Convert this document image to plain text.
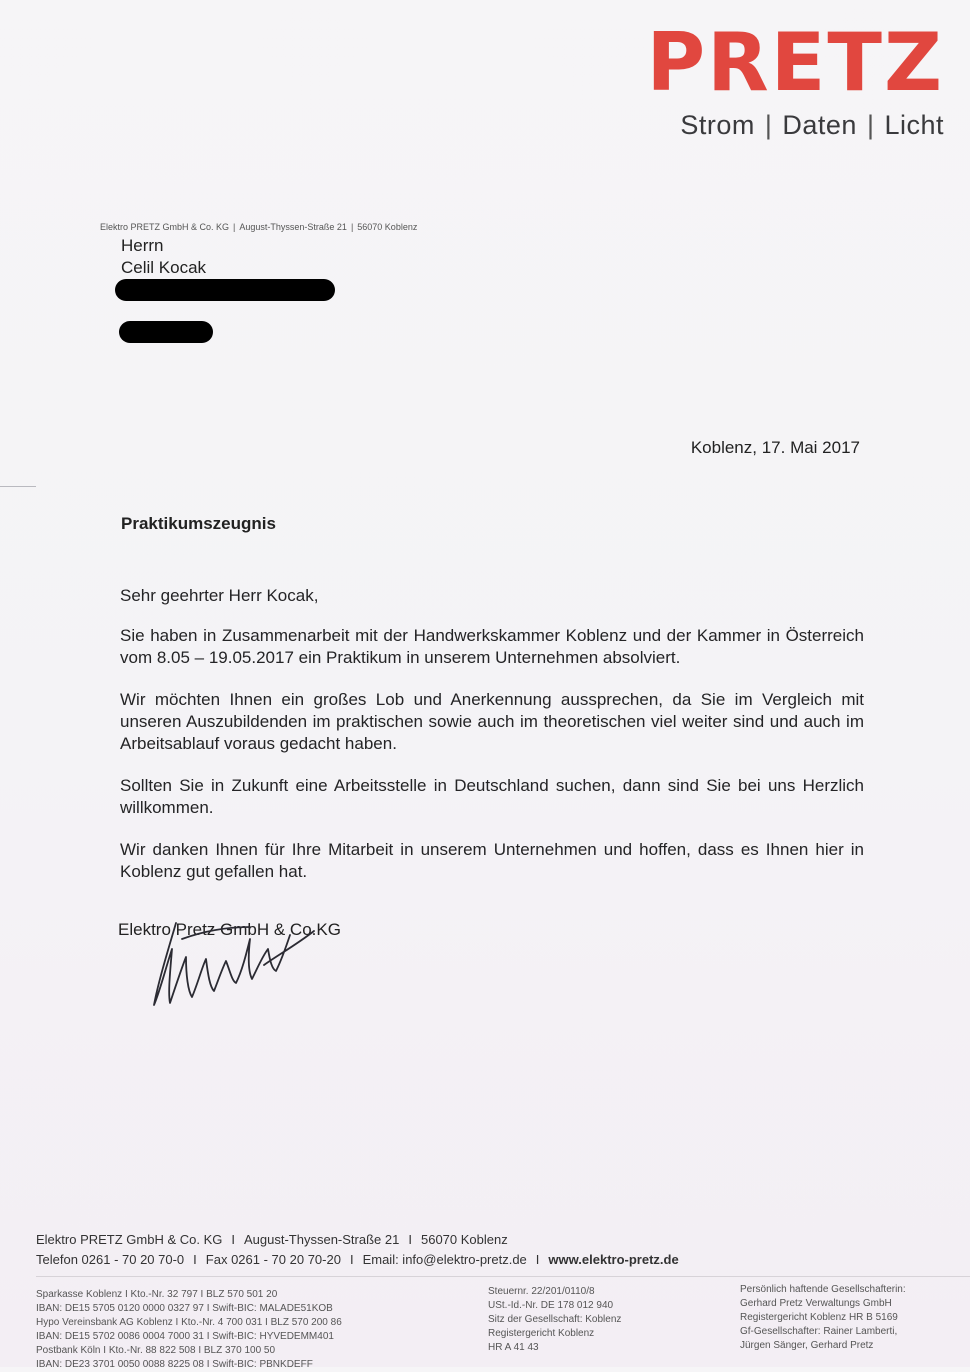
PRETZ
Strom | Daten | Licht
Elektro PRETZ GmbH & Co. KG | August-Thyssen-Straße 21 | 56070 Koblenz
Herrn
Celil Kocak
Koblenz, 17. Mai 2017
Praktikumszeugnis

Sehr geehrter Herr Kocak,

Sie haben in Zusammenarbeit mit der Handwerkskammer Koblenz und der Kammer in Österreich vom 8.05 – 19.05.2017 ein Praktikum in unserem Unternehmen absolviert.

Wir möchten Ihnen ein großes Lob und Anerkennung aussprechen, da Sie im Vergleich mit unseren Auszubildenden im praktischen sowie auch im theoretischen viel weiter sind und auch im Arbeitsablauf voraus gedacht haben.

Sollten Sie in Zukunft eine Arbeitsstelle in Deutschland suchen, dann sind Sie bei uns Herzlich willkommen.

Wir danken Ihnen für Ihre Mitarbeit in unserem Unternehmen und hoffen, dass es Ihnen hier in Koblenz gut gefallen hat.

Elektro Pretz GmbH & Co.KG
Elektro PRETZ GmbH & Co. KG I August-Thyssen-Straße 21 I 56070 Koblenz
Telefon 0261 - 70 20 70-0 I Fax 0261 - 70 20 70-20 I Email: info@elektro-pretz.de I www.elektro-pretz.de
Sparkasse Koblenz I Kto.-Nr. 32 797 I BLZ 570 501 20
IBAN: DE15 5705 0120 0000 0327 97 I Swift-BIC: MALADE51KOB
Hypo Vereinsbank AG Koblenz I Kto.-Nr. 4 700 031 I BLZ 570 200 86
IBAN: DE15 5702 0086 0004 7000 31 I Swift-BIC: HYVEDEMM401
Postbank Köln I Kto.-Nr. 88 822 508 I BLZ 370 100 50
IBAN: DE23 3701 0050 0088 8225 08 I Swift-BIC: PBNKDEFF
Steuernr. 22/201/0110/8
USt.-Id.-Nr. DE 178 012 940
Sitz der Gesellschaft: Koblenz
Registergericht Koblenz
HR A 41 43
Persönlich haftende Gesellschafterin:
Gerhard Pretz Verwaltungs GmbH
Registergericht Koblenz HR B 5169
Gf-Gesellschafter: Rainer Lamberti,
Jürgen Sänger, Gerhard Pretz
